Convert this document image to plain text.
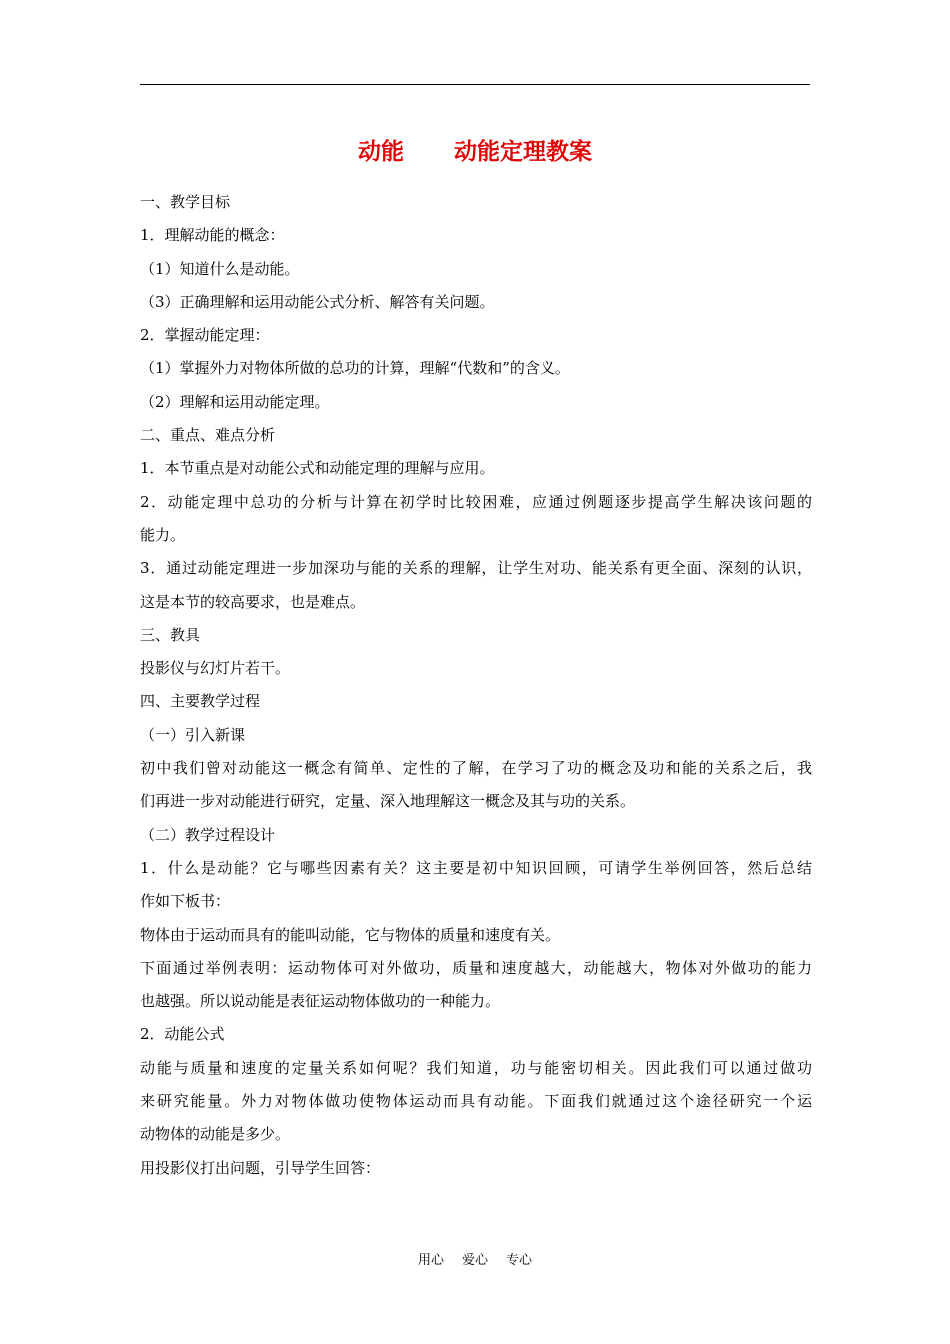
动能 动能定理教案
一、教学目标
1．理解动能的概念：
（1）知道什么是动能。
（3）正确理解和运用动能公式分析、解答有关问题。
2．掌握动能定理：
（1）掌握外力对物体所做的总功的计算，理解“代数和”的含义。
（2）理解和运用动能定理。
二、重点、难点分析
1．本节重点是对动能公式和动能定理的理解与应用。
2．动能定理中总功的分析与计算在初学时比较困难，应通过例题逐步提高学生解决该问题的
能力。
3．通过动能定理进一步加深功与能的关系的理解，让学生对功、能关系有更全面、深刻的认识，
这是本节的较高要求，也是难点。
三、教具
投影仪与幻灯片若干。
四、主要教学过程
（一）引入新课
初中我们曾对动能这一概念有简单、定性的了解，在学习了功的概念及功和能的关系之后，我
们再进一步对动能进行研究，定量、深入地理解这一概念及其与功的关系。
（二）教学过程设计
1．什么是动能？它与哪些因素有关？这主要是初中知识回顾，可请学生举例回答，然后总结
作如下板书：
物体由于运动而具有的能叫动能，它与物体的质量和速度有关。
下面通过举例表明：运动物体可对外做功，质量和速度越大，动能越大，物体对外做功的能力
也越强。所以说动能是表征运动物体做功的一种能力。
2．动能公式
动能与质量和速度的定量关系如何呢？我们知道，功与能密切相关。因此我们可以通过做功
来研究能量。外力对物体做功使物体运动而具有动能。下面我们就通过这个途径研究一个运
动物体的动能是多少。
用投影仪打出问题，引导学生回答：
用心 爱心 专心
